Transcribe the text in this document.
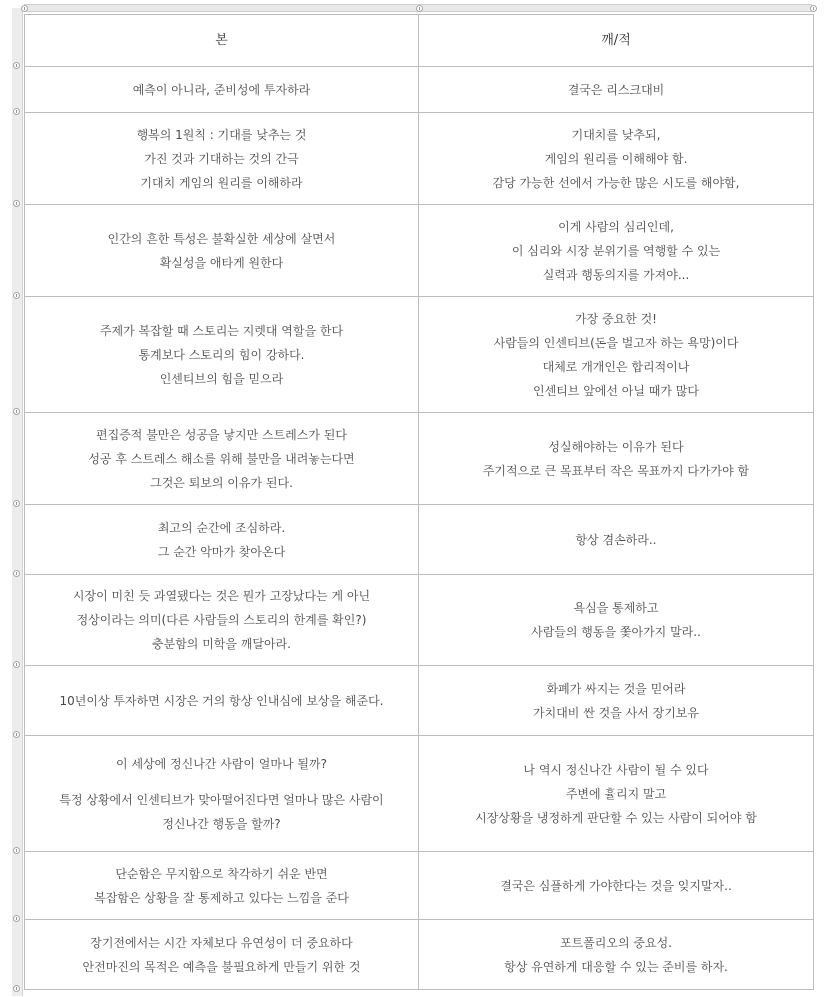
본	깨/적

예측이 아니라, 준비성에 투자하라	결국은 리스크대비

행복의 1원칙 : 기대를 낮추는 것
가진 것과 기대하는 것의 간극
기대치 게임의 원리를 이해하라	기대치를 낮추되,
게임의 원리를 이해해야 함.
감당 가능한 선에서 가능한 많은 시도를 해야함,

인간의 흔한 특성은 불확실한 세상에 살면서
확실성을 애타게 원한다	이게 사람의 심리인데,
이 심리와 시장 분위기를 역행할 수 있는
실력과 행동의지를 가져야...

주제가 복잡할 때 스토리는 지렛대 역할을 한다
통계보다 스토리의 힘이 강하다.
인센티브의 힘을 믿으라	가장 중요한 것!
사람들의 인센티브(돈을 벌고자 하는 욕망)이다
대체로 개개인은 합리적이나
인센티브 앞에선 아닐 때가 많다

편집증적 불만은 성공을 낳지만 스트레스가 된다
성공 후 스트레스 해소를 위해 불만을 내려놓는다면
그것은 퇴보의 이유가 된다.	성실해야하는 이유가 된다
주기적으로 큰 목표부터 작은 목표까지 다가가야 함

최고의 순간에 조심하라.
그 순간 악마가 찾아온다	항상 겸손하라..

시장이 미친 듯 과열됐다는 것은 뭔가 고장났다는 게 아닌
정상이라는 의미(다른 사람들의 스토리의 한계를 확인?)
충분함의 미학을 깨달아라.	욕심을 통제하고
사람들의 행동을 쫓아가지 말라..

10년이상 투자하면 시장은 거의 항상 인내심에 보상을 해준다.	화폐가 싸지는 것을 믿어라
가치대비 싼 것을 사서 장기보유

이 세상에 정신나간 사람이 얼마나 될까?
특정 상황에서 인센티브가 맞아떨어진다면 얼마나 많은 사람이
정신나간 행동을 할까?	나 역시 정신나간 사람이 될 수 있다
주변에 휼리지 말고
시장상황을 냉정하게 판단할 수 있는 사람이 되어야 함

단순함은 무지함으로 착각하기 쉬운 반면
복잡함은 상황을 잘 통제하고 있다는 느낌을 준다	결국은 심플하게 가야한다는 것을 잊지말자..

장기전에서는 시간 자체보다 유연성이 더 중요하다
안전마진의 목적은 예측을 불필요하게 만들기 위한 것	포트폴리오의 중요성.
항상 유연하게 대응할 수 있는 준비를 하자.
